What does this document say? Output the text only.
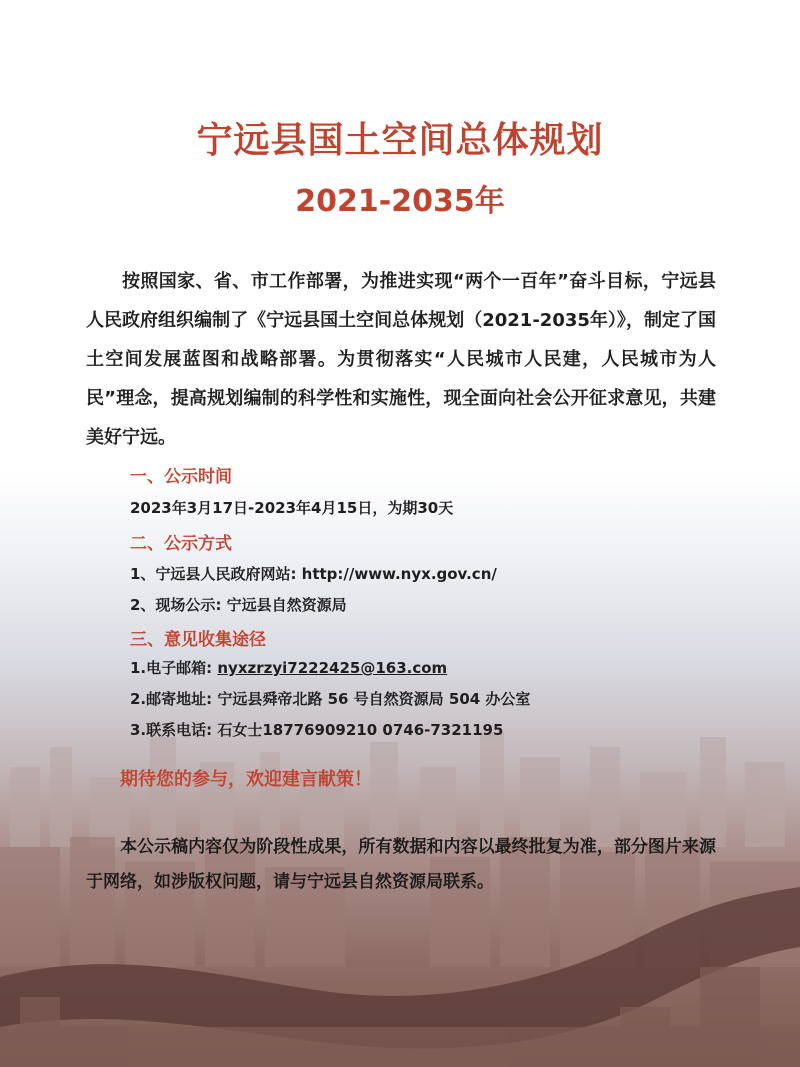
宁远县国土空间总体规划
2021-2035年

按照国家、省、市工作部署，为推进实现“两个一百年”奋斗目标，宁远县人民政府组织编制了《宁远县国土空间总体规划（2021-2035年）》，制定了国土空间发展蓝图和战略部署。为贯彻落实“人民城市人民建，人民城市为人民”理念，提高规划编制的科学性和实施性，现全面向社会公开征求意见，共建美好宁远。

一、公示时间

2023年3月17日-2023年4月15日，为期30天

二、公示方式

1、宁远县人民政府网站: http://www.nyx.gov.cn/

2、现场公示: 宁远县自然资源局

三、意见收集途径

1.电子邮箱: nyxzrzyi7222425@163.com

2.邮寄地址: 宁远县舜帝北路 56 号自然资源局 504 办公室

3.联系电话: 石女士18776909210 0746-7321195

期待您的参与，欢迎建言献策！

本公示稿内容仅为阶段性成果，所有数据和内容以最终批复为准，部分图片来源于网络，如涉版权问题，请与宁远县自然资源局联系。
